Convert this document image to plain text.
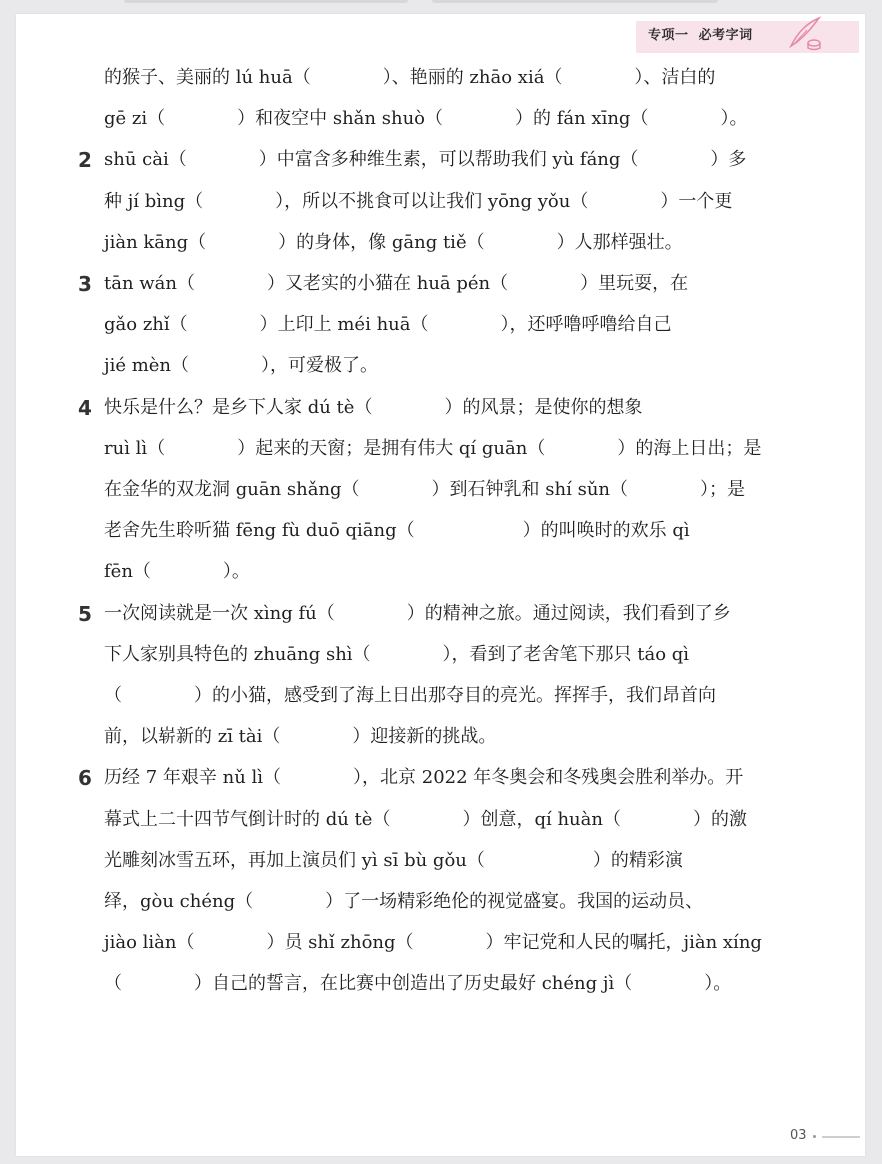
专项一 必考字词
的猴子、美丽的 lú huā（　　　　）、艳丽的 zhāo xiá（　　　　）、洁白的
gē zi（　　　　）和夜空中 shǎn shuò（　　　　）的 fán xīng（　　　　）。
2 shū cài（　　　　）中富含多种维生素，可以帮助我们 yù fáng（　　　　）多
种 jí bìng（　　　　），所以不挑食可以让我们 yōng yǒu（　　　　）一个更
jiàn kāng（　　　　）的身体，像 gāng tiě（　　　　）人那样强壮。
3 tān wán（　　　　）又老实的小猫在 huā pén（　　　　）里玩耍，在
gǎo zhǐ（　　　　）上印上 méi huā（　　　　），还呼噜呼噜给自己
jié mèn（　　　　），可爱极了。
4 快乐是什么？是乡下人家 dú tè（　　　　）的风景；是使你的想象
ruì lì（　　　　）起来的天窗；是拥有伟大 qí guān（　　　　）的海上日出；是
在金华的双龙洞 guān shǎng（　　　　）到石钟乳和 shí sǔn（　　　　）；是
老舍先生聆听猫 fēng fù duō qiāng（　　　　　　）的叫唤时的欢乐 qì
fēn（　　　　）。
5 一次阅读就是一次 xìng fú（　　　　）的精神之旅。通过阅读，我们看到了乡
下人家别具特色的 zhuāng shì（　　　　），看到了老舍笔下那只 táo qì
（　　　　）的小猫，感受到了海上日出那夺目的亮光。挥挥手，我们昂首向
前，以崭新的 zī tài（　　　　）迎接新的挑战。
6 历经 7 年艰辛 nǔ lì（　　　　），北京 2022 年冬奥会和冬残奥会胜利举办。开
幕式上二十四节气倒计时的 dú tè（　　　　）创意，qí huàn（　　　　）的激
光雕刻冰雪五环，再加上演员们 yì sī bù gǒu（　　　　　　）的精彩演
绎，gòu chéng（　　　　）了一场精彩绝伦的视觉盛宴。我国的运动员、
jiào liàn（　　　　）员 shǐ zhōng（　　　　）牢记党和人民的嘱托，jiàn xíng
（　　　　）自己的誓言，在比赛中创造出了历史最好 chéng jì（　　　　）。
03
